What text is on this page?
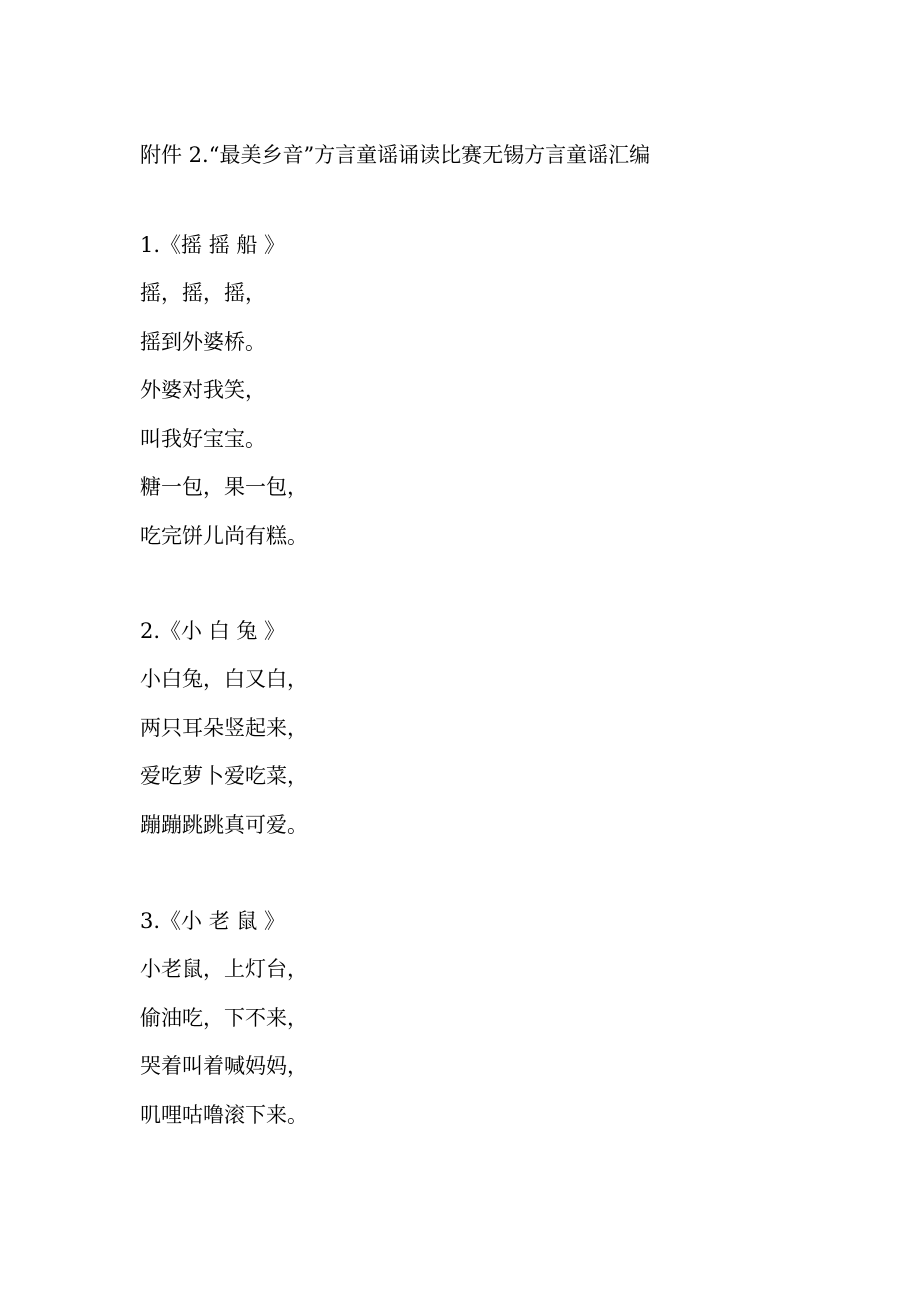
附件 2.“最美乡音”方言童谣诵读比赛无锡方言童谣汇编
1.《摇 摇 船 》
摇，摇，摇，
摇到外婆桥。
外婆对我笑，
叫我好宝宝。
糖一包，果一包，
吃完饼儿尚有糕。
2.《小 白 兔 》
小白兔，白又白，
两只耳朵竖起来，
爱吃萝卜爱吃菜，
蹦蹦跳跳真可爱。
3.《小 老 鼠 》
小老鼠，上灯台，
偷油吃，下不来，
哭着叫着喊妈妈，
叽哩咕噜滚下来。
